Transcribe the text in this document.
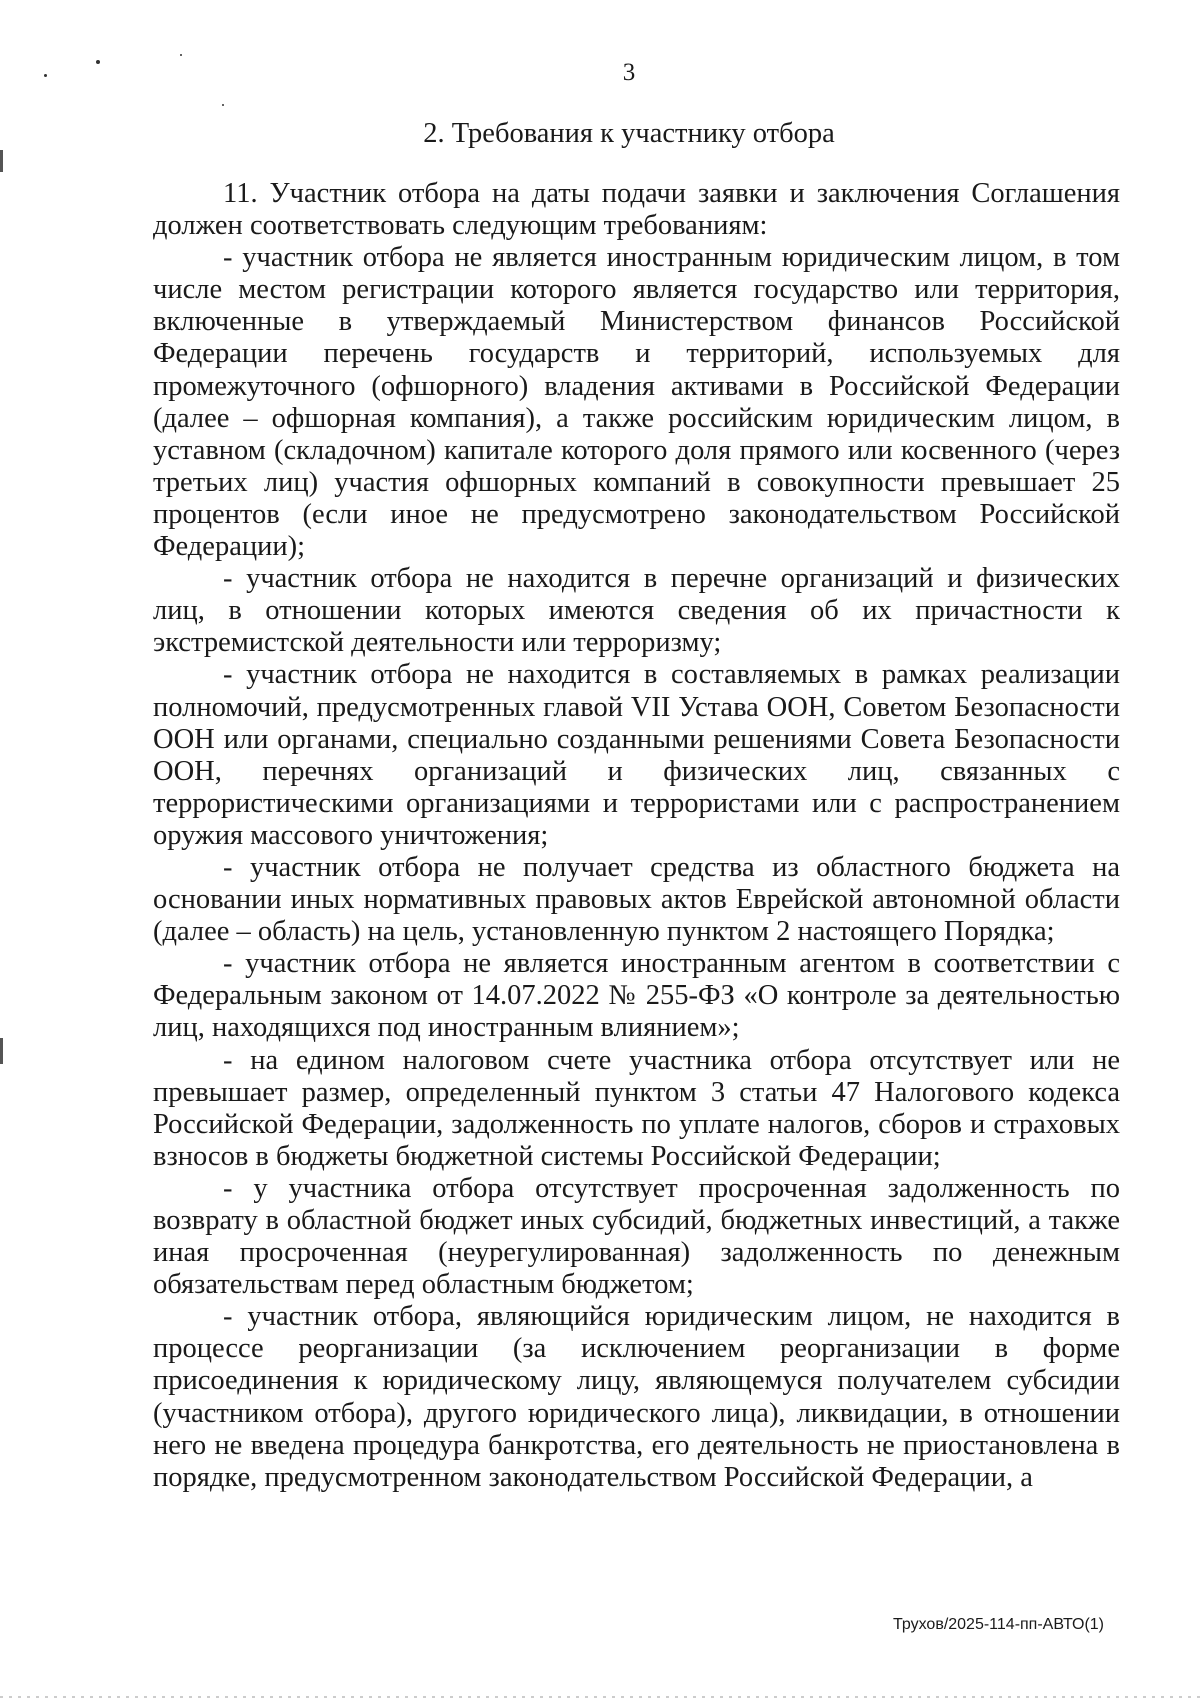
3
2. Требования к участнику отбора

11. Участник отбора на даты подачи заявки и заключения Соглашения должен соответствовать следующим требованиям:

- участник отбора не является иностранным юридическим лицом, в том числе местом регистрации которого является государство или территория, включенные в утверждаемый Министерством финансов Российской Федерации перечень государств и территорий, используемых для промежуточного (офшорного) владения активами в Российской Федерации (далее – офшорная компания), а также российским юридическим лицом, в уставном (складочном) капитале которого доля прямого или косвенного (через третьих лиц) участия офшорных компаний в совокупности превышает 25 процентов (если иное не предусмотрено законодательством Российской Федерации);

- участник отбора не находится в перечне организаций и физических лиц, в отношении которых имеются сведения об их причастности к экстремистской деятельности или терроризму;

- участник отбора не находится в составляемых в рамках реализации полномочий, предусмотренных главой VII Устава ООН, Советом Безопасности ООН или органами, специально созданными решениями Совета Безопасности ООН, перечнях организаций и физических лиц, связанных с террористическими организациями и террористами или с распространением оружия массового уничтожения;

- участник отбора не получает средства из областного бюджета на основании иных нормативных правовых актов Еврейской автономной области (далее – область) на цель, установленную пунктом 2 настоящего Порядка;

- участник отбора не является иностранным агентом в соответствии с Федеральным законом от 14.07.2022 № 255-ФЗ «О контроле за деятельностью лиц, находящихся под иностранным влиянием»;

- на едином налоговом счете участника отбора отсутствует или не превышает размер, определенный пунктом 3 статьи 47 Налогового кодекса Российской Федерации, задолженность по уплате налогов, сборов и страховых взносов в бюджеты бюджетной системы Российской Федерации;

- у участника отбора отсутствует просроченная задолженность по возврату в областной бюджет иных субсидий, бюджетных инвестиций, а также иная просроченная (неурегулированная) задолженность по денежным обязательствам перед областным бюджетом;

- участник отбора, являющийся юридическим лицом, не находится в процессе реорганизации (за исключением реорганизации в форме присоединения к юридическому лицу, являющемуся получателем субсидии (участником отбора), другого юридического лица), ликвидации, в отношении него не введена процедура банкротства, его деятельность не приостановлена в порядке, предусмотренном законодательством Российской Федерации, а

Трухов/2025-114-пп-АВТО(1)
